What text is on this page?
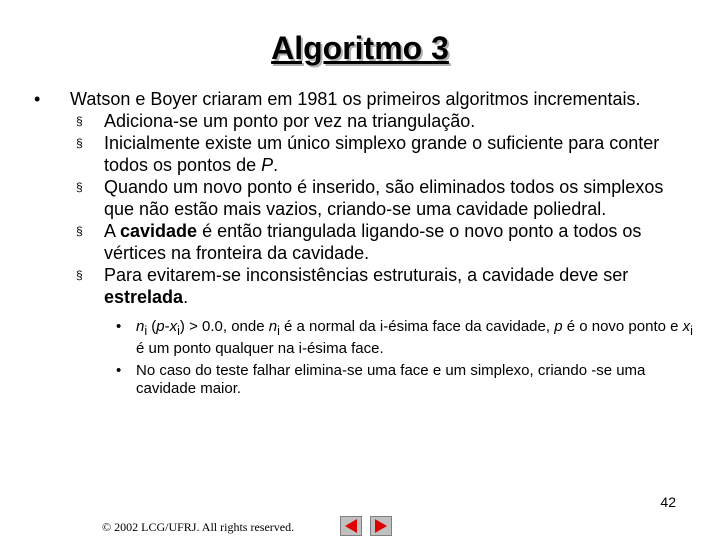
Algoritmo 3
• Watson e Boyer criaram em 1981 os primeiros algoritmos incrementais.
§ Adiciona-se um ponto por vez na triangulação.
§ Inicialmente existe um único simplexo grande o suficiente para conter todos os pontos de P.
§ Quando um novo ponto é inserido, são eliminados todos os simplexos que não estão mais vazios, criando-se uma cavidade poliedral.
§ A cavidade é então triangulada ligando-se o novo ponto a todos os vértices na fronteira da cavidade.
§ Para evitarem-se inconsistências estruturais, a cavidade deve ser estrelada.
• $n_i$ $(p-x_i) > 0.0$, onde $n_i$ é a normal da i-ésima face da cavidade, p é o novo ponto e $x_i$ é um ponto qualquer na i-ésima face.
• No caso do teste falhar elimina-se uma face e um simplexo, criando -se uma cavidade maior.
42
© 2002 LCG/UFRJ. All rights reserved.
